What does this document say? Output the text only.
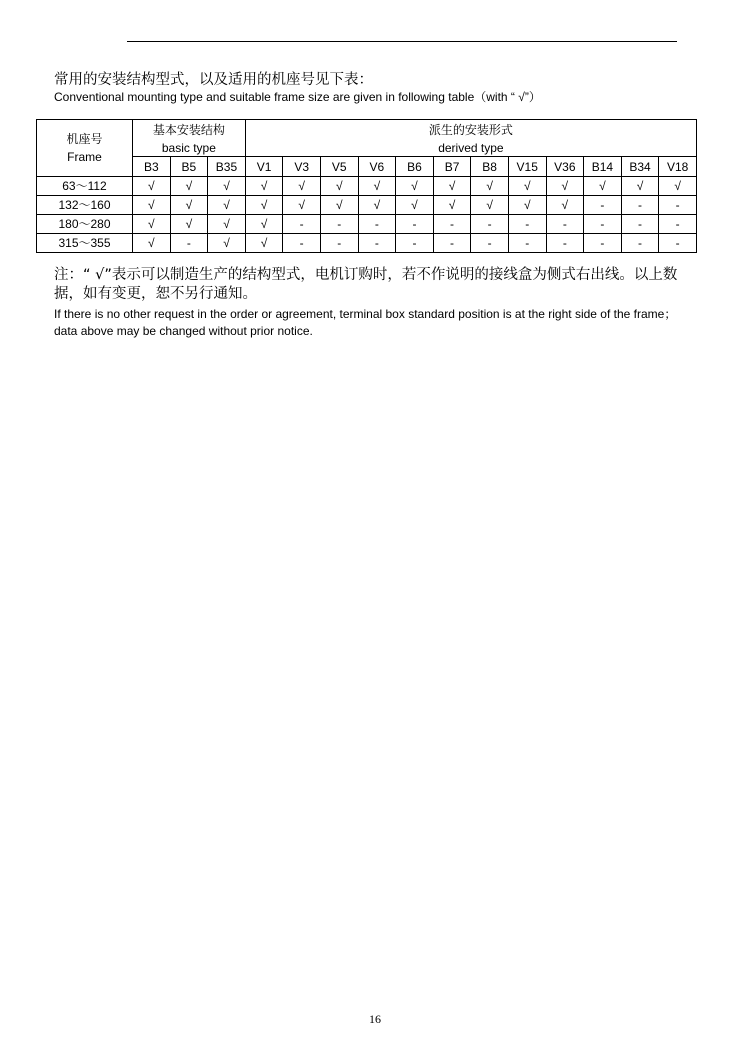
常用的安装结构型式，以及适用的机座号见下表：
Conventional mounting type and suitable frame size are given in following table（with “ √”）
机座号
Frame	基本安装结构			派生的安装形式											
	basic type			derived type											
	B3	B5	B35	V1	V3	V5	V6	B6	B7	B8	V15	V36	B14	B34	V18
63～112	√	√	√	√	√	√	√	√	√	√	√	√	√	√	√
132～160	√	√	√	√	√	√	√	√	√	√	√	√	-	-	-
180～280	√	√	√	√	-	-	-	-	-	-	-	-	-	-	-
315～355	√	-	√	√	-	-	-	-	-	-	-	-	-	-	-
注：“ √”表示可以制造生产的结构型式，电机订购时，若不作说明的接线盒为侧式右出线。以上数据，如有变更，恕不另行通知。
If there is no other request in the order or agreement, terminal box standard position is at the right side of the frame；data above may be changed without prior notice.
16
